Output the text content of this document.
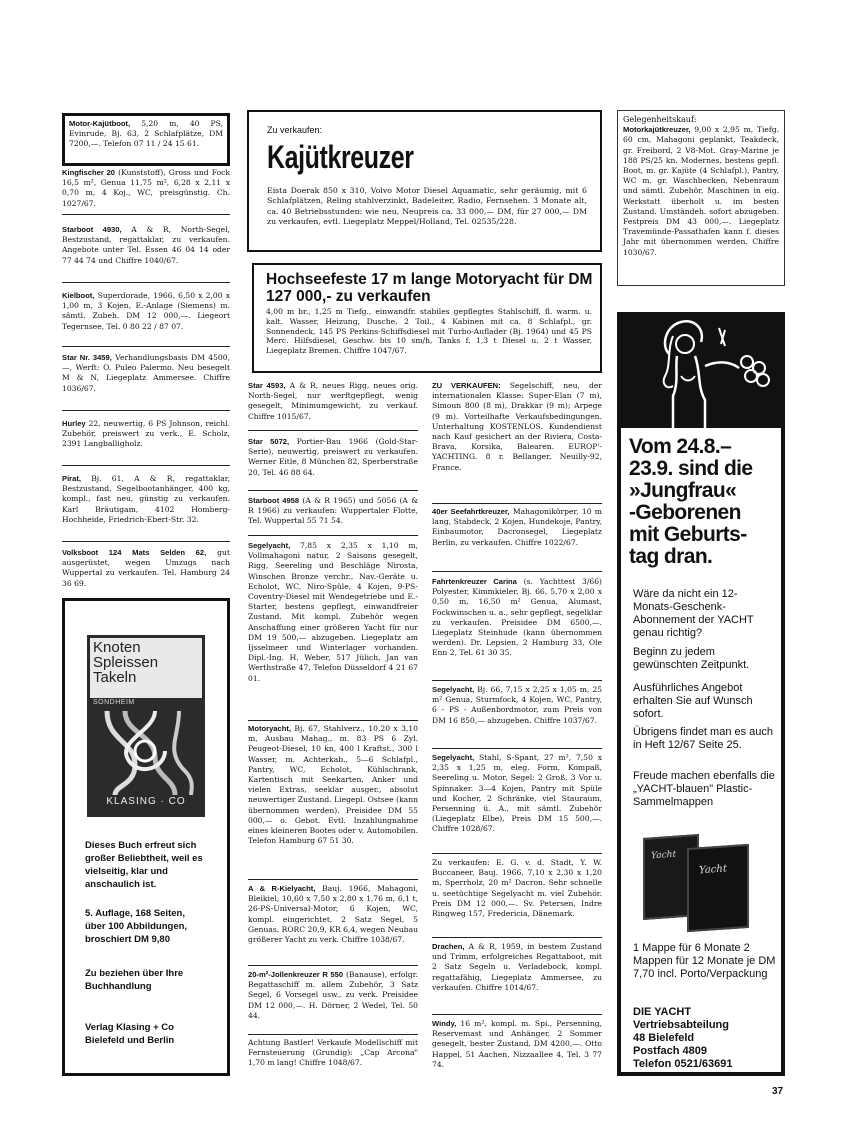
Motor-Kajütboot, 5,20 m, 40 PS, Evinrude, Bj. 63, 2 Schlafplätze, DM 7200,—. Telefon 07 11 / 24 15 61.
Kingfischer 20 (Kunststoff), Gross und Fock 16,5 m², Genua 11,75 m², 6,28 x 2,11 x 0,70 m, 4 Koj., WC, preisgünstig. Ch. 1027/67.
Starboot 4930, A & R, North-Segel, Bestzustand, regattaklar, zu verkaufen. Angebote unter Tel. Essen 46 04 14 oder 77 44 74 und Chiffre 1040/67.
Kielboot, Superdorade, 1966, 6,50 x 2,00 x 1,00 m, 3 Kojen, E.-Anlage (Siemens) m. sämtl. Zubeh. DM 12 000,—. Liegeort Tegernsee, Tel. 0 80 22 / 87 07.
Star Nr. 3459, Verhandlungsbasis DM 4500,—, Werft: O. Puleo Palermo. Neu besegelt M & N, Liegeplatz Ammersee. Chiffre 1036/67.
Hurley 22, neuwertig, 6 PS Johnson, reichl. Zubehör, preiswert zu verk., E. Scholz, 2391 Langballigholz.
Pirat, Bj. 61, A & R, regattaklar, Bestzustand, Segelbootanhänger, 400 kg, kompl., fast neu, günstig zu verkaufen. Karl Bräutigam, 4102 Homberg-Hochheide, Friedrich-Ebert-Str. 32.
Volksboot 124 Mats Selden 62, gut ausgerüstet, wegen Umzugs nach Wuppertal zu verkaufen. Tel. Hamburg 24 36 69.
Knoten
Spleissen
Takeln
SONDHEIM
KLASING · CO
Dieses Buch erfreut sich großer Beliebtheit, weil es vielseitig, klar und anschaulich ist.
5. Auflage, 168 Seiten, über 100 Abbildungen, broschiert DM 9,80
Zu beziehen über Ihre Buchhandlung
Verlag Klasing + Co Bielefeld und Berlin
Zu verkaufen:
Kajütkreuzer
Eista Doerak 850 x 310, Volvo Motor Diesel Aquamatic, sehr geräumig, mit 6 Schlafplätzen, Reling stahlverzinkt, Badeleiter, Radio, Fernsehen. 3 Monate alt, ca. 40 Betriebsstunden: wie neu, Neupreis ca. 33 000,— DM, für 27 000,— DM zu verkaufen, evtl. Liegeplatz Meppel/Holland, Tel. 02535/228.
Hochseefeste 17 m lange Motoryacht für DM 127 000,- zu verkaufen
4,00 m br., 1,25 m Tiefg., einwandfr. stabiles gepflegtes Stahlschiff, fl. warm. u. kalt. Wasser, Heizung, Dusche, 2 Toil., 4 Kabinen mit ca. 8 Schlafpl., gr. Sonnendeck, 145 PS Perkins-Schiffsdiesel mit Turbo-Auflader (Bj. 1964) und 45 PS Merc. Hilfsdiesel, Geschw. bis 10 sm/h, Tanks f. 1,3 t Diesel u. 2 t Wasser, Liegeplatz Bremen. Chiffre 1047/67.
Star 4593, A & R, neues Rigg, neues orig. North-Segel, nur werftgepflegt, wenig gesegelt, Minimumgewicht, zu verkauf. Chiffre 1015/67.
Star 5072, Portier-Bau 1966 (Gold-Star-Serie), neuwertig, preiswert zu verkaufen. Werner Eitle, 8 München 82, Sperberstraße 20, Tel. 46 88 64.
Starboot 4958 (A & R 1965) und 5056 (A & R 1966) zu verkaufen: Wuppertaler Flotte, Tel. Wuppertal 55 71 54.
Segelyacht, 7,85 x 2,35 x 1,10 m, Vollmahagoni natur, 2 Saisons gesegelt, Rigg, Seereling und Beschläge Nirosta, Winschen Bronze verchr., Nav.-Geräte u. Echolot, WC, Niro-Spüle, 4 Kojen, 9-PS-Coventry-Diesel mit Wendegetriebe und E.-Starter, bestens gepflegt, einwandfreier Zustand. Mit kompl. Zubehör wegen Anschaffung einer größeren Yacht für nur DM 19 500,— abzugeben. Liegeplatz am Ijsselmeer und Winterlager vorhanden. Dipl.-Ing. H. Weber, 517 Jülich, Jan van Werthstraße 47, Telefon Düsseldorf 4 21 67 01.
Motoryacht, Bj. 67, Stahlverz., 10,20 x 3,10 m, Ausbau Mahag., m. 83 PS 6 Zyl. Peugeot-Diesel, 10 kn, 400 l Kraftst., 300 l Wasser, m. Achterkab., 5—6 Schlafpl., Pantry, WC, Echolot, Kühlschrank, Kartentisch mit Seekarten, Anker und vielen Extras, seeklar ausger., absolut neuwertiger Zustand. Liegepl. Ostsee (kann übernommen werden). Preisidee DM 55 000,— o. Gebot. Evtl. Inzahlungnahme eines kleineren Bootes oder v. Automobilen. Telefon Hamburg 67 51 30.
A & R-Kielyacht, Bauj. 1966, Mahagoni, Bleikiel, 10,60 x 7,50 x 2,80 x 1,76 m, 6,1 t, 26-PS-Universal-Motor, 6 Kojen, WC, kompl. eingerichtet, 2 Satz Segel, 5 Genuas, RORC 20,9, KR 6,4, wegen Neubau größerer Yacht zu verk. Chiffre 1038/67.
20-m²-Jollenkreuzer R 550 (Banause), erfolgr. Regattaschiff m. allem Zubehör, 3 Satz Segel, 6 Vorsegel usw., zu verk. Preisidee DM 12 000,—. H. Dörner, 2 Wedel, Tel. 50 44.
Achtung Bastler! Verkaufe Modellschiff mit Fernsteuerung (Grundig): „Cap Arcona" 1,70 m lang! Chiffre 1048/67.
ZU VERKAUFEN: Segelschiff, neu, der internationalen Klasse: Super-Elan (7 m), Simoun 800 (8 m), Drakkar (9 m); Arpege (9 m). Vorteilhafte Verkaufsbedingungen. Unterhaltung KOSTENLOS. Kundendienst nach Kauf gesichert an der Riviera, Costa-Brava, Korsika, Balearen. EUROP'-YACHTING. 8 r. Bellanger, Neuilly-92, France.
40er Seefahrtkreuzer, Mahagonikörper, 10 m lang, Stabdeck, 2 Kojen, Hundekoje, Pantry, Einbaumotor, Dacronsegel, Liegeplatz Berlin, zu verkaufen. Chiffre 1022/67.
Fahrtenkreuzer Carina (s. Yachttest 3/66) Polyester, Kimmkieler, Bj. 66, 5,70 x 2,00 x 0,50 m, 16,50 m² Genua, Alumast, Fockwinschen u. a., sehr gepflegt, segelklar zu verkaufen. Preisidee DM 6500,—. Liegeplatz Steinhude (kann übernommen werden). Dr. Lepsien, 2 Hamburg 33, Ole Enn 2, Tel. 61 30 35.
Segelyacht, Bj. 66, 7,15 x 2,25 x 1,05 m, 25 m² Genua, Sturmfock, 4 Kojen, WC, Pantry, 6 - PS - Außenbordmotor, zum Preis von DM 16 850,— abzugeben. Chiffre 1037/67.
Segelyacht, Stahl, S-Spant, 27 m², 7,50 x 2,35 x 1,25 m, eleg. Form, Kompaß, Seereling u. Motor, Segel: 2 Groß, 3 Vor u. Spinnaker. 3—4 Kojen, Pantry mit Spüle und Kocher, 2 Schränke, viel Stauraum, Persenning ü. A., mit sämtl. Zubehör (Liegeplatz Elbe), Preis DM 15 500,—. Chiffre 1028/67.
Zu verkaufen: E. G. v. d. Stadt, Y. W. Buccaneer, Bauj. 1966, 7,10 x 2,30 x 1,20 m, Sperrholz, 20 m² Dacron. Sehr schnelle u. seetüchtige Segelyacht m. viel Zubehör. Preis DM 12 000,—. Sv. Petersen, Indre Ringweg 157, Fredericia, Dänemark.
Drachen, A & R, 1959, in bestem Zustand und Trimm, erfolgreiches Regattaboot, mit 2 Satz Segeln u. Verladebock, kompl. regattafähig, Liegeplatz Ammersee, zu verkaufen. Chiffre 1014/67.
Windy, 16 m², kompl. m. Spi., Persenning, Reservemast und Anhänger, 2 Sommer gesegelt, bester Zustand, DM 4200,—. Otto Happel, 51 Aachen, Nizzaallee 4, Tel. 3 77 74.
Gelegenheitskauf:
Motorkajütkreuzer, 9,00 x 2,95 m, Tiefg. 60 cm, Mahagoni geplankt, Teakdeck, gr. Freibord, 2 V8-Mot. Gray-Marine je 188 PS/25 kn. Modernes, bestens gepfl. Boot, m. gr. Kajüte (4 Schlafpl.), Pantry, WC m. gr. Waschbecken, Nebenraum und sämtl. Zubehör, Maschinen in eig. Werkstatt überholt u. im besten Zustand. Umständeh. sofort abzugeben. Festpreis DM 43 000,—. Liegeplatz Travemünde-Passathafen kann f. dieses Jahr mit übernommen werden. Chiffre 1030/67.
Vom 24.8.–
23.9. sind die
»Jungfrau«
-Geborenen
mit Geburts-
tag dran.
Wäre da nicht ein 12-Monats-Geschenk-Abonnement der YACHT genau richtig?
Beginn zu jedem gewünschten Zeitpunkt.
Ausführliches Angebot erhalten Sie auf Wunsch sofort.
Übrigens findet man es auch in Heft 12/67 Seite 25.
Freude machen ebenfalls die „YACHT-blauen" Plastic-Sammelmappen
Yacht
Yacht
1 Mappe für 6 Monate 2 Mappen für 12 Monate je DM 7,70 incl. Porto/Verpackung
DIE YACHT
Vertriebsabteilung
48 Bielefeld
Postfach 4809
Telefon 0521/63691
37
